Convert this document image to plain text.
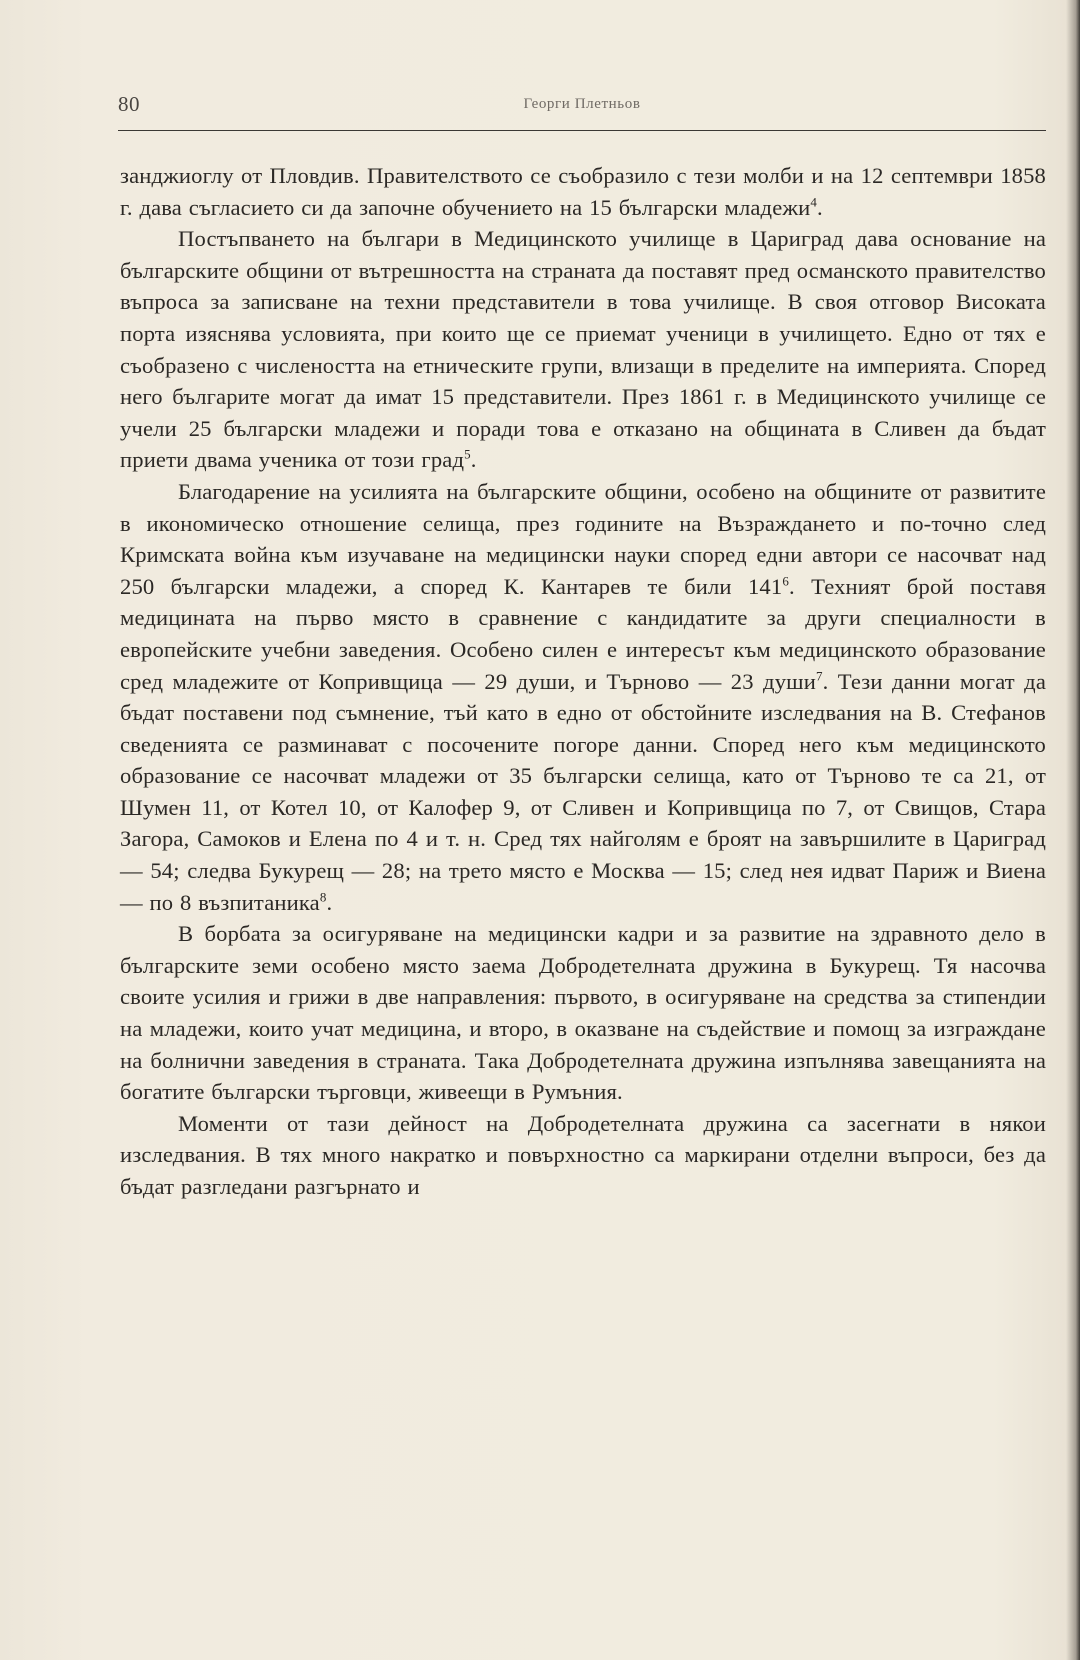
80	Георги Плетньов

занджиоглу от Пловдив. Правителството се съобразило с тези молби и на 12 септември 1858 г. дава съгласието си да започне обучението на 15 български младежи$^4$.

Постъпването на българи в Медицинското училище в Цариград дава основание на българските общини от вътрешността на страната да поставят пред османското правителство въпроса за записване на техни представители в това училище. В своя отговор Високата порта изяснява условията, при които ще се приемат ученици в училището. Едно от тях е съобразено с числеността на етническите групи, влизащи в пределите на империята. Според него българите могат да имат 15 представители. През 1861 г. в Медицинското училище се учели 25 български младежи и поради това е отказано на общината в Сливен да бъдат приети двама ученика от този град$^5$.

Благодарение на усилията на българските общини, особено на общините от развитите в икономическо отношение селища, през годините на Възраждането и по-точно след Кримската война към изучаване на медицински науки според едни автори се насочват над 250 български младежи, а според К. Кантарев те били 141$^6$. Техният брой поставя медицината на първо място в сравнение с кандидатите за други специалности в европейските учебни заведения. Особено силен е интересът към медицинското образование сред младежите от Копривщица — 29 души, и Търново — 23 души$^7$. Тези данни могат да бъдат поставени под съмнение, тъй като в едно от обстойните изследвания на В. Стефанов сведенията се разминават с посочените погоре данни. Според него към медицинското образование се насочват младежи от 35 български селища, като от Търново те са 21, от Шумен 11, от Котел 10, от Калофер 9, от Сливен и Копривщица по 7, от Свищов, Стара Загора, Самоков и Елена по 4 и т. н. Сред тях найголям е броят на завършилите в Цариград — 54; следва Букурещ — 28; на трето място е Москва — 15; след нея идват Париж и Виена — по 8 възпитаника$^8$.

В борбата за осигуряване на медицински кадри и за развитие на здравното дело в българските земи особено място заема Добродетелната дружина в Букурещ. Тя насочва своите усилия и грижи в две направления: първото, в осигуряване на средства за стипендии на младежи, които учат медицина, и второ, в оказване на съдействие и помощ за изграждане на болнични заведения в страната. Така Добродетелната дружина изпълнява завещанията на богатите български търговци, живеещи в Румъния.

Моменти от тази дейност на Добродетелната дружина са засегнати в някои изследвания. В тях много накратко и повърхностно са маркирани отделни въпроси, без да бъдат разгледани разгърнато и
